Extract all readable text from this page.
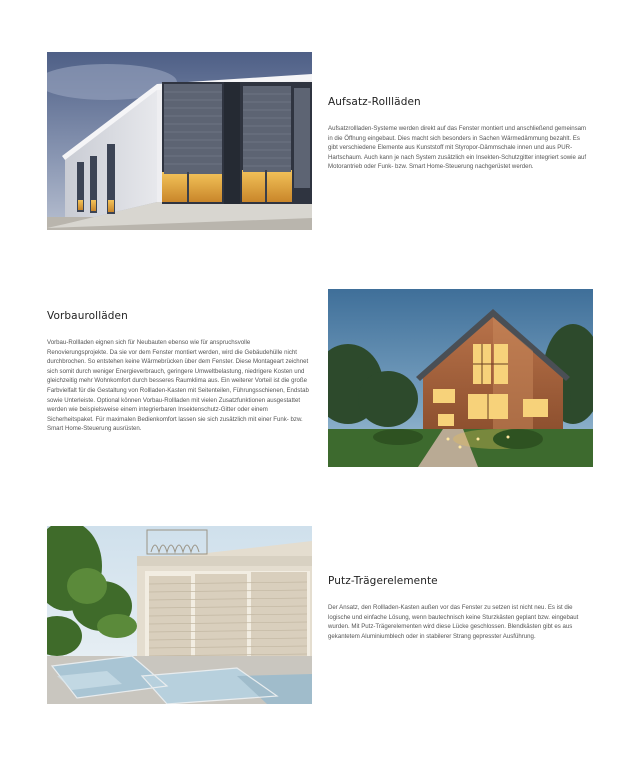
Aufsatz-Rollläden

Aufsatzrollladen-Systeme werden direkt auf das Fenster montiert und anschließend gemeinsam in die Öffnung eingebaut. Dies macht sich besonders in Sachen Wärmedämmung bezahlt. Es gibt verschiedene Elemente aus Kunststoff mit Styropor-Dämmschale innen und aus PUR-Hartschaum. Auch kann je nach System zusätzlich ein Insekten-Schutzgitter integriert sowie auf Motorantrieb oder Funk- bzw. Smart Home-Steuerung nachgerüstet werden.

Vorbaurolläden

Vorbau-Rollladen eignen sich für Neubauten ebenso wie für anspruchsvolle Renovierungsprojekte. Da sie vor dem Fenster montiert werden, wird die Gebäudehülle nicht durchbrochen. So entstehen keine Wärmebrücken über dem Fenster. Diese Montageart zeichnet sich somit durch weniger Energieverbrauch, geringere Umweltbelastung, niedrigere Kosten und gleichzeitig mehr Wohnkomfort durch besseres Raumklima aus. Ein weiterer Vorteil ist die große Farbvielfalt für die Gestaltung von Rollladen-Kasten mit Seitenteilen, Führungsschienen, Endstab sowie Unterleiste. Optional können Vorbau-Rollladen mit vielen Zusatzfunktionen ausgestattet werden wie beispielsweise einem integrierbaren Insektenschutz-Gitter oder einem Sicherheitspaket. Für maximalen Bedienkomfort lassen sie sich zusätzlich mit einer Funk- bzw. Smart Home-Steuerung ausrüsten.

Putz-Trägerelemente

Der Ansatz, den Rollladen-Kasten außen vor das Fenster zu setzen ist nicht neu. Es ist die logische und einfache Lösung, wenn bautechnisch keine Sturzkästen geplant bzw. eingebaut wurden. Mit Putz-Trägerelementen wird diese Lücke geschlossen. Blendkästen gibt es aus gekantetem Aluminiumblech oder in stabilerer Strang gepresster Ausführung.
